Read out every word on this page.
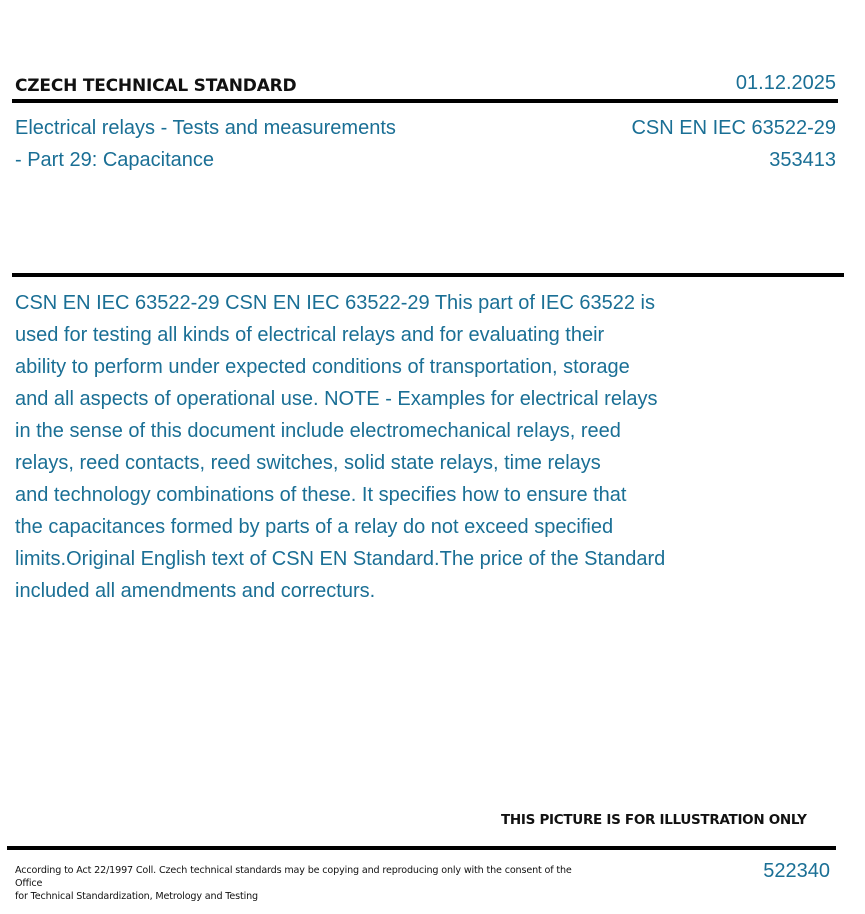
CZECH TECHNICAL STANDARD	01.12.2025
Electrical relays - Tests and measurements
- Part 29: Capacitance
CSN EN IEC 63522-29
353413
CSN EN IEC 63522-29 CSN EN IEC 63522-29 This part of IEC 63522 is
used for testing all kinds of electrical relays and for evaluating their
ability to perform under expected conditions of transportation, storage
and all aspects of operational use. NOTE - Examples for electrical relays
in the sense of this document include electromechanical relays, reed
relays, reed contacts, reed switches, solid state relays, time relays
and technology combinations of these. It specifies how to ensure that
the capacitances formed by parts of a relay do not exceed specified
limits.Original English text of CSN EN Standard.The price of the Standard
included all amendments and correcturs.
THIS PICTURE IS FOR ILLUSTRATION ONLY
According to Act 22/1997 Coll. Czech technical standards may be copying and reproducing only with the consent of the Office
for Technical Standardization, Metrology and Testing
522340
